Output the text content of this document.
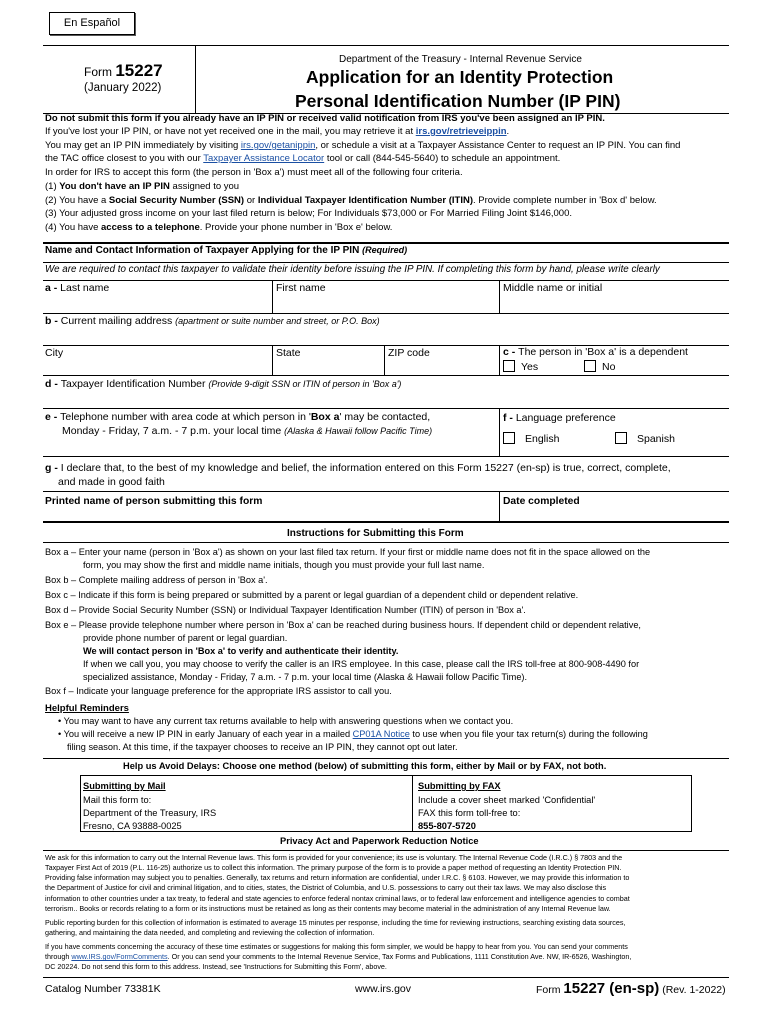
En Español
Form 15227
(January 2022)
Department of the Treasury - Internal Revenue Service
Application for an Identity Protection
Personal Identification Number (IP PIN)
Do not submit this form if you already have an IP PIN or received valid notification from IRS you've been assigned an IP PIN.
If you've lost your IP PIN, or have not yet received one in the mail, you may retrieve it at irs.gov/retrieveippin.
You may get an IP PIN immediately by visiting irs.gov/getanippin, or schedule a visit at a Taxpayer Assistance Center to request an IP PIN. You can find
the TAC office closest to you with our Taxpayer Assistance Locator tool or call (844-545-5640) to schedule an appointment.
In order for IRS to accept this form (the person in 'Box a') must meet all of the following four criteria.
(1) You don't have an IP PIN assigned to you
(2) You have a Social Security Number (SSN) or Individual Taxpayer Identification Number (ITIN). Provide complete number in 'Box d' below.
(3) Your adjusted gross income on your last filed return is below; For Individuals $73,000 or For Married Filing Joint $146,000.
(4) You have access to a telephone. Provide your phone number in 'Box e' below.
Name and Contact Information of Taxpayer Applying for the IP PIN (Required)
We are required to contact this taxpayer to validate their identity before issuing the IP PIN. If completing this form by hand, please write clearly
a - Last name	First name	Middle name or initial
b - Current mailing address (apartment or suite number and street, or P.O. Box)
City	State	ZIP code	c - The person in 'Box a' is a dependent
Yes	No
d - Taxpayer Identification Number (Provide 9-digit SSN or ITIN of person in 'Box a')
e - Telephone number with area code at which person in 'Box a' may be contacted,
Monday - Friday, 7 a.m. - 7 p.m. your local time (Alaska & Hawaii follow Pacific Time)
f - Language preference
English	Spanish
g - I declare that, to the best of my knowledge and belief, the information entered on this Form 15227 (en-sp) is true, correct, complete,
and made in good faith
Printed name of person submitting this form	Date completed
Instructions for Submitting this Form
Box a – Enter your name (person in 'Box a') as shown on your last filed tax return. If your first or middle name does not fit in the space allowed on the
form, you may show the first and middle name initials, though you must provide your full last name.
Box b – Complete mailing address of person in 'Box a'.
Box c – Indicate if this form is being prepared or submitted by a parent or legal guardian of a dependent child or dependent relative.
Box d – Provide Social Security Number (SSN) or Individual Taxpayer Identification Number (ITIN) of person in 'Box a'.
Box e – Please provide telephone number where person in 'Box a' can be reached during business hours. If dependent child or dependent relative,
provide phone number of parent or legal guardian.
We will contact person in 'Box a' to verify and authenticate their identity.
If when we call you, you may choose to verify the caller is an IRS employee. In this case, please call the IRS toll-free at 800-908-4490 for
specialized assistance, Monday - Friday, 7 a.m. - 7 p.m. your local time (Alaska & Hawaii follow Pacific Time).
Box f – Indicate your language preference for the appropriate IRS assistor to call you.
Helpful Reminders
• You may want to have any current tax returns available to help with answering questions when we contact you.
• You will receive a new IP PIN in early January of each year in a mailed CP01A Notice to use when you file your tax return(s) during the following
filing season. At this time, if the taxpayer chooses to receive an IP PIN, they cannot opt out later.
Help us Avoid Delays: Choose one method (below) of submitting this form, either by Mail or by FAX, not both.
Submitting by Mail
Mail this form to:
Department of the Treasury, IRS
Fresno, CA 93888-0025
Submitting by FAX
Include a cover sheet marked 'Confidential'
FAX this form toll-free to:
855-807-5720
Privacy Act and Paperwork Reduction Notice
We ask for this information to carry out the Internal Revenue laws. This form is provided for your convenience; its use is voluntary. The Internal Revenue Code (I.R.C.) § 7803 and the
Taxpayer First Act of 2019 (P.L. 116-25) authorize us to collect this information. The primary purpose of the form is to provide a paper method of requesting an Identity Protection PIN.
Providing false information may subject you to penalties. Generally, tax returns and return information are confidential, under I.R.C. § 6103. However, we may provide this information to
the Department of Justice for civil and criminal litigation, and to cities, states, the District of Columbia, and U.S. possessions to carry out their tax laws. We may also disclose this
information to other countries under a tax treaty, to federal and state agencies to enforce federal nontax criminal laws, or to federal law enforcement and intelligence agencies to combat
terrorism.. Books or records relating to a form or its instructions must be retained as long as their contents may become material in the administration of any Internal Revenue law.
Public reporting burden for this collection of information is estimated to average 15 minutes per response, including the time for reviewing instructions, searching existing data sources,
gathering, and maintaining the data needed, and completing and reviewing the collection of information.
If you have comments concerning the accuracy of these time estimates or suggestions for making this form simpler, we would be happy to hear from you. You can send your comments
through www.IRS.gov/FormComments. Or you can send your comments to the Internal Revenue Service, Tax Forms and Publications, 1111 Constitution Ave. NW, IR-6526, Washington,
DC 20224. Do not send this form to this address. Instead, see 'Instructions for Submitting this Form', above.
Catalog Number 73381K	www.irs.gov	Form 15227 (en-sp) (Rev. 1-2022)
